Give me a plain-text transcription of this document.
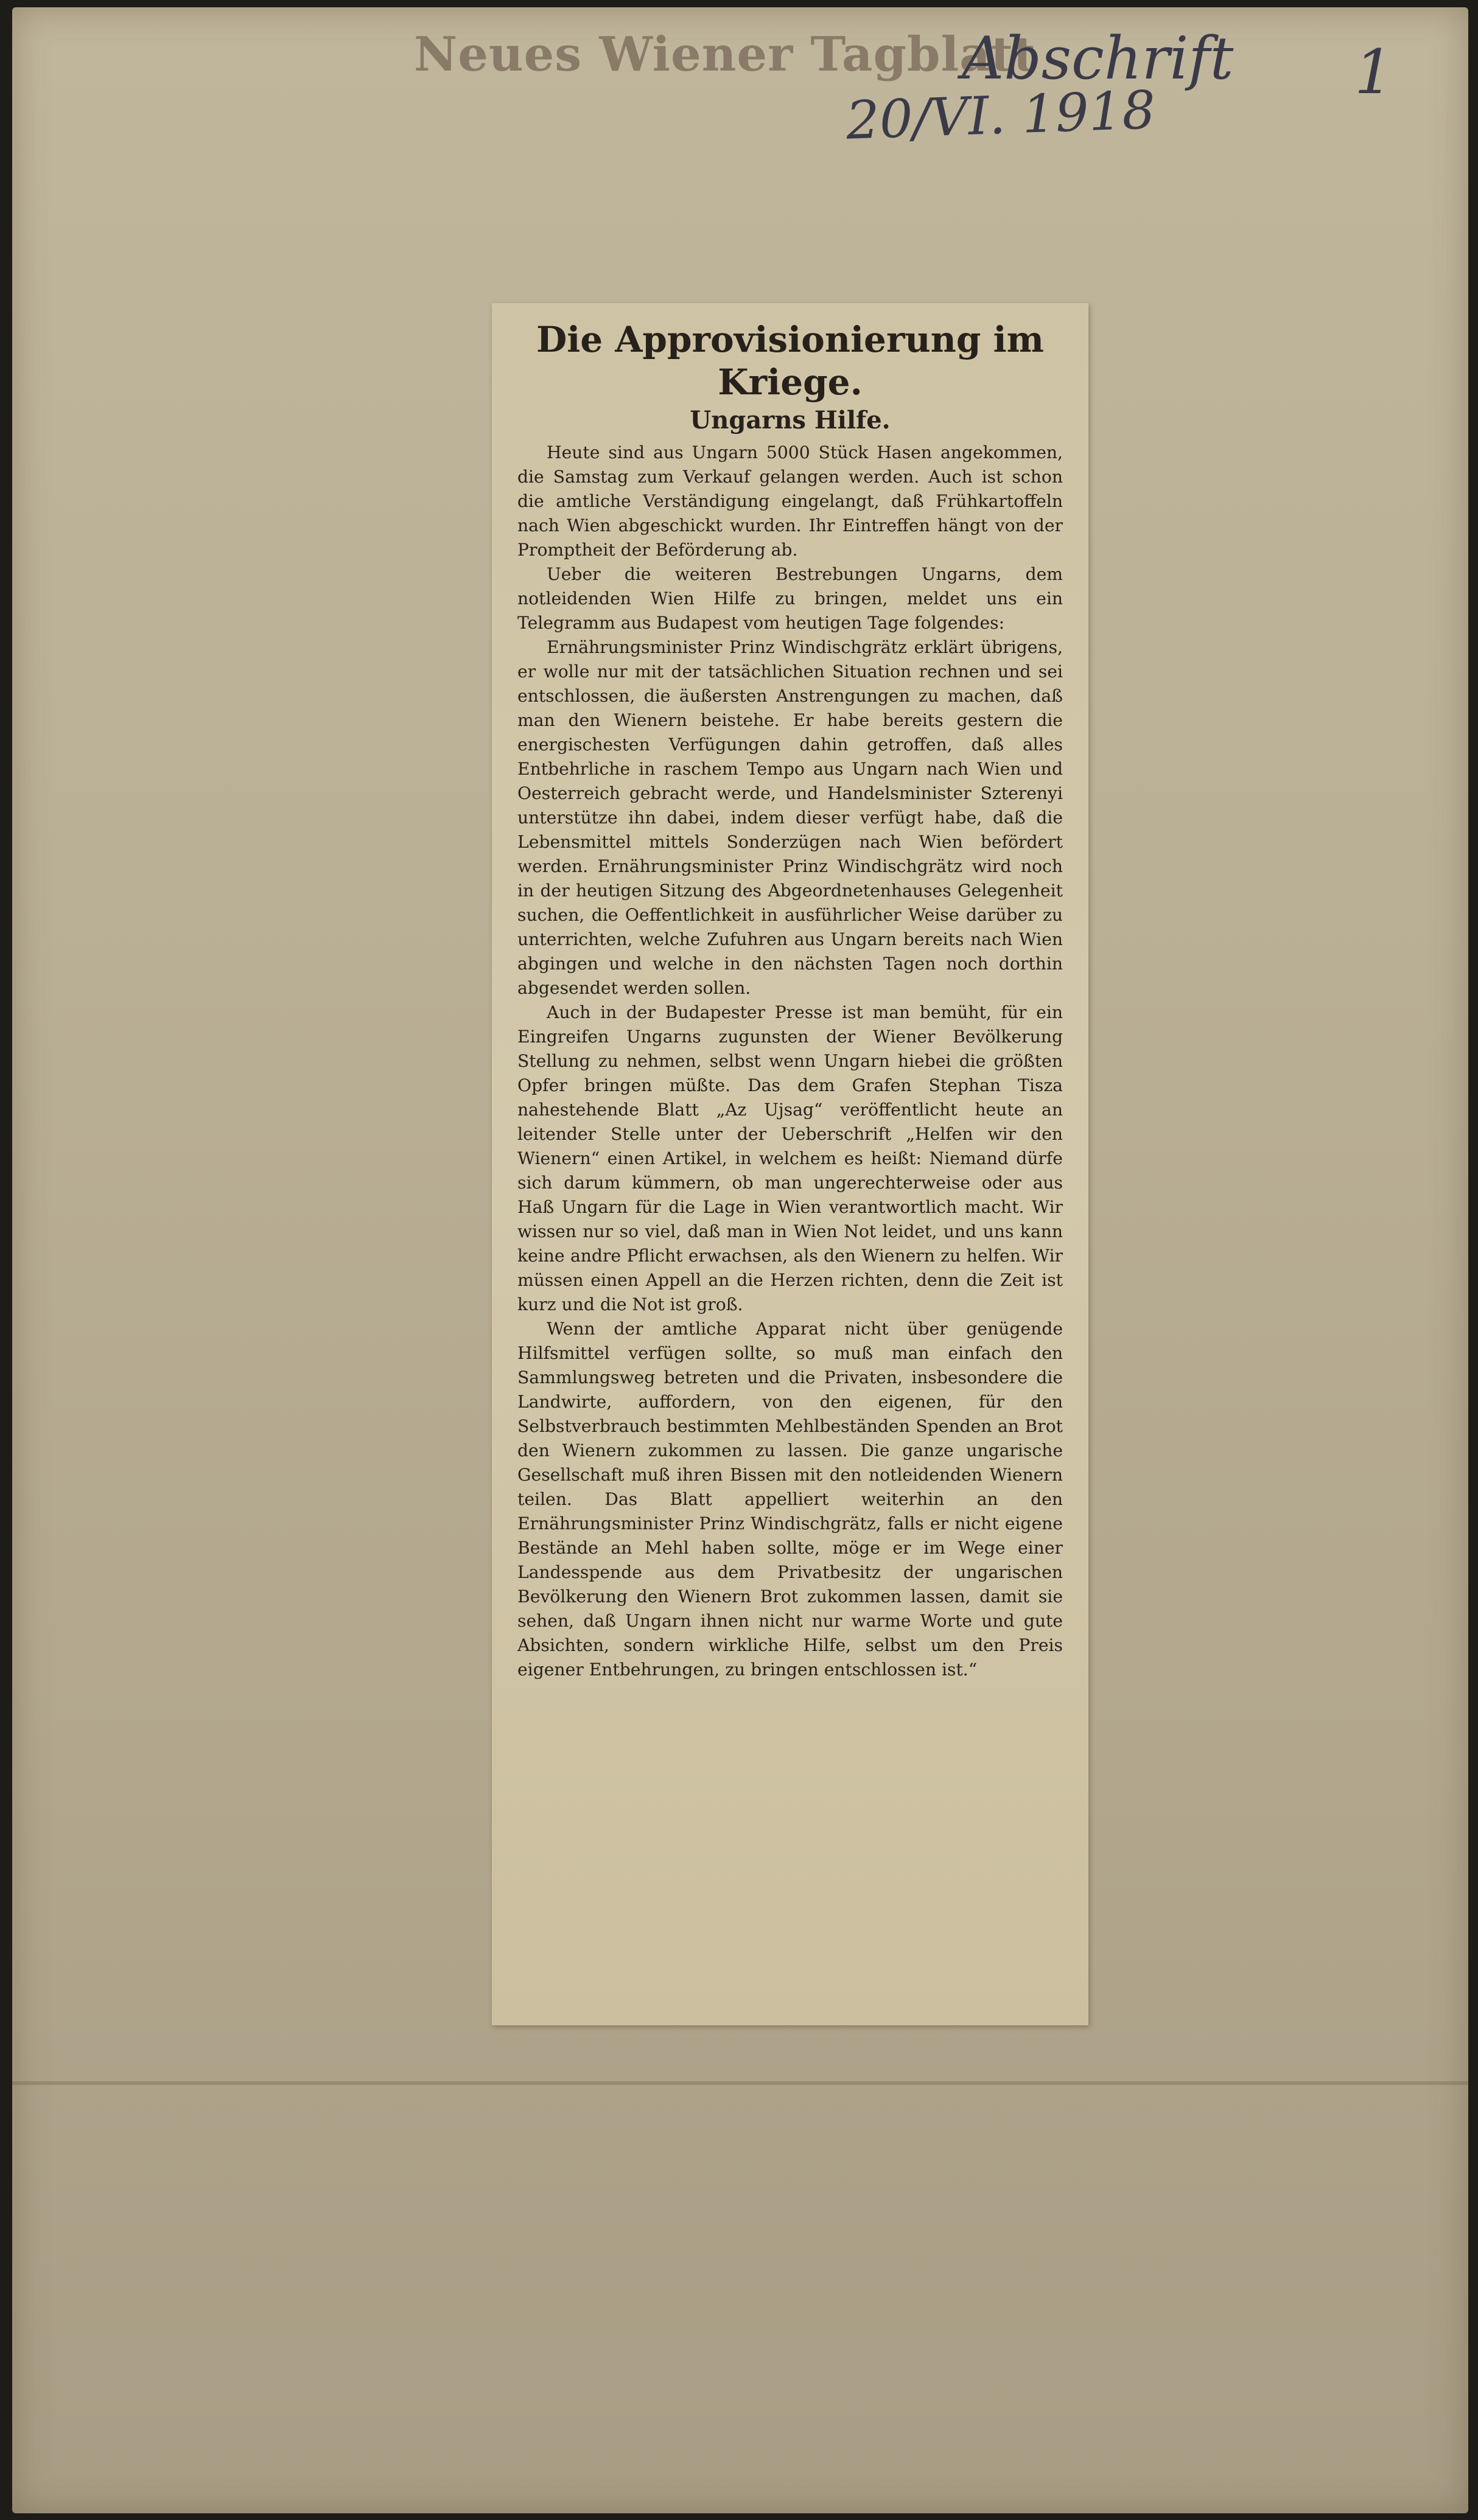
Neues Wiener Tagblatt
Abschrift
20/VI. 1918
1
Die Approvisionierung im Kriege.
Ungarns Hilfe.

Heute sind aus Ungarn 5000 Stück Hasen angekommen, die Samstag zum Verkauf gelangen werden. Auch ist schon die amtliche Verständigung eingelangt, daß Frühkartoffeln nach Wien abgeschickt wurden. Ihr Eintreffen hängt von der Promptheit der Beförderung ab.

Ueber die weiteren Bestrebungen Ungarns, dem notleidenden Wien Hilfe zu bringen, meldet uns ein Telegramm aus Budapest vom heutigen Tage folgendes:

Ernährungsminister Prinz Windischgrätz erklärt übrigens, er wolle nur mit der tatsächlichen Situation rechnen und sei entschlossen, die äußersten Anstrengungen zu machen, daß man den Wienern beistehe. Er habe bereits gestern die energischesten Verfügungen dahin getroffen, daß alles Entbehrliche in raschem Tempo aus Ungarn nach Wien und Oesterreich gebracht werde, und Handelsminister Szterenyi unterstütze ihn dabei, indem dieser verfügt habe, daß die Lebensmittel mittels Sonderzügen nach Wien befördert werden. Ernährungsminister Prinz Windischgrätz wird noch in der heutigen Sitzung des Abgeordnetenhauses Gelegenheit suchen, die Oeffentlichkeit in ausführlicher Weise darüber zu unterrichten, welche Zufuhren aus Ungarn bereits nach Wien abgingen und welche in den nächsten Tagen noch dorthin abgesendet werden sollen.

Auch in der Budapester Presse ist man bemüht, für ein Eingreifen Ungarns zugunsten der Wiener Bevölkerung Stellung zu nehmen, selbst wenn Ungarn hiebei die größten Opfer bringen müßte. Das dem Grafen Stephan Tisza nahestehende Blatt „Az Ujsag“ veröffentlicht heute an leitender Stelle unter der Ueberschrift „Helfen wir den Wienern“ einen Artikel, in welchem es heißt: Niemand dürfe sich darum kümmern, ob man ungerechterweise oder aus Haß Ungarn für die Lage in Wien verantwortlich macht. Wir wissen nur so viel, daß man in Wien Not leidet, und uns kann keine andre Pflicht erwachsen, als den Wienern zu helfen. Wir müssen einen Appell an die Herzen richten, denn die Zeit ist kurz und die Not ist groß.

Wenn der amtliche Apparat nicht über genügende Hilfsmittel verfügen sollte, so muß man einfach den Sammlungsweg betreten und die Privaten, insbesondere die Landwirte, auffordern, von den eigenen, für den Selbstverbrauch bestimmten Mehlbeständen Spenden an Brot den Wienern zukommen zu lassen. Die ganze ungarische Gesellschaft muß ihren Bissen mit den notleidenden Wienern teilen. Das Blatt appelliert weiterhin an den Ernährungsminister Prinz Windischgrätz, falls er nicht eigene Bestände an Mehl haben sollte, möge er im Wege einer Landesspende aus dem Privatbesitz der ungarischen Bevölkerung den Wienern Brot zukommen lassen, damit sie sehen, daß Ungarn ihnen nicht nur warme Worte und gute Absichten, sondern wirkliche Hilfe, selbst um den Preis eigener Entbehrungen, zu bringen entschlossen ist.“
